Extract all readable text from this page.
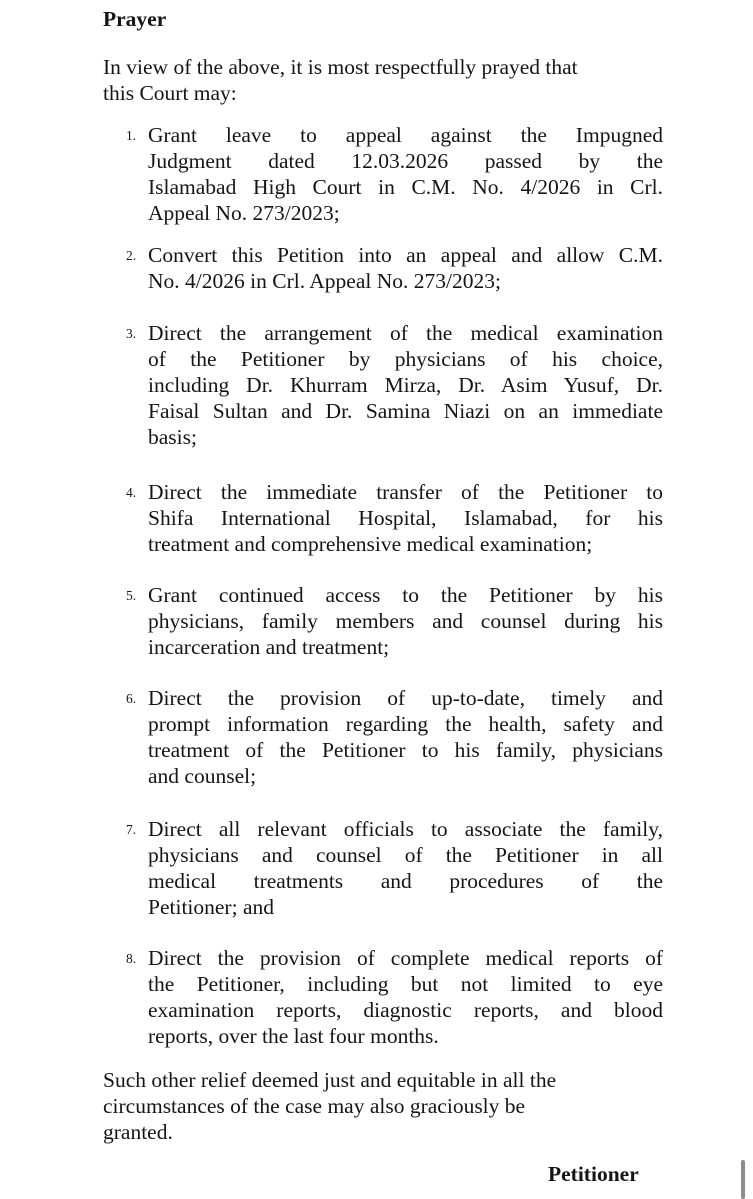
Prayer
In view of the above, it is most respectfully prayed that
this Court may:
1. Grant leave to appeal against the Impugned
Judgment dated 12.03.2026 passed by the
Islamabad High Court in C.M. No. 4/2026 in Crl.
Appeal No. 273/2023;
2. Convert this Petition into an appeal and allow C.M.
No. 4/2026 in Crl. Appeal No. 273/2023;
3. Direct the arrangement of the medical examination
of the Petitioner by physicians of his choice,
including Dr. Khurram Mirza, Dr. Asim Yusuf, Dr.
Faisal Sultan and Dr. Samina Niazi on an immediate
basis;
4. Direct the immediate transfer of the Petitioner to
Shifa International Hospital, Islamabad, for his
treatment and comprehensive medical examination;
5. Grant continued access to the Petitioner by his
physicians, family members and counsel during his
incarceration and treatment;
6. Direct the provision of up-to-date, timely and
prompt information regarding the health, safety and
treatment of the Petitioner to his family, physicians
and counsel;
7. Direct all relevant officials to associate the family,
physicians and counsel of the Petitioner in all
medical treatments and procedures of the
Petitioner; and
8. Direct the provision of complete medical reports of
the Petitioner, including but not limited to eye
examination reports, diagnostic reports, and blood
reports, over the last four months.
Such other relief deemed just and equitable in all the
circumstances of the case may also graciously be
granted.
Petitioner
